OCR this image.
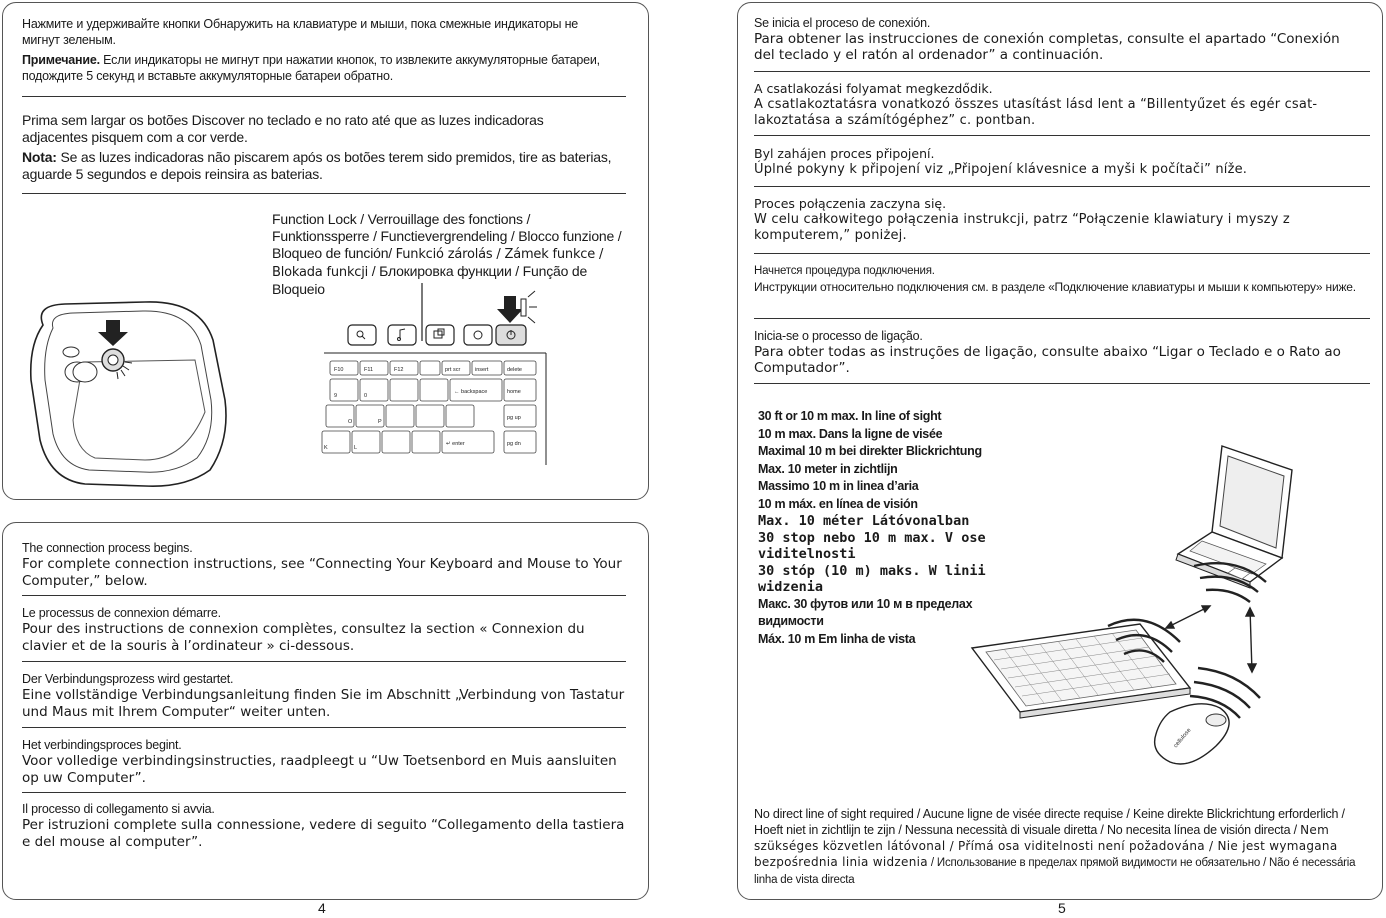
Нажмите и удерживайте кнопки Обнаружить на клавиатуре и мыши, пока смежные индикаторы не мигнут зеленым.
Примечание. Если индикаторы не мигнут при нажатии кнопок, то извлеките аккумуляторные батареи, подождите 5 секунд и вставьте аккумуляторные батареи обратно.
Prima sem largar os botões Discover no teclado e no rato até que as luzes indicadoras adjacentes pisquem com a cor verde.
Nota: Se as luzes indicadoras não piscarem após os botões terem sido premidos, tire as baterias, aguarde 5 segundos e depois reinsira as baterias.
Function Lock / Verrouillage des fonctions / Funktionssperre / Functievergrendeling / Blocco funzione / Bloqueo de función/ Funkció zárolás / Zámek funkce / Blokada funkcji / Блокировка функции / Função de Bloqueio
F10	F11	F12	prt scr	insert	delete
9	0
← backspace	home
O	P
pg up
K	L
↵ enter	pg dn
The connection process begins.
For complete connection instructions, see “Connecting Your Keyboard and Mouse to Your Computer,” below.
Le processus de connexion démarre.
Pour des instructions de connexion complètes, consultez la section « Connexion du clavier et de la souris à l’ordinateur » ci-dessous.
Der Verbindungsprozess wird gestartet.
Eine vollständige Verbindungsanleitung finden Sie im Abschnitt „Verbindung von Tastatur und Maus mit Ihrem Computer“ weiter unten.
Het verbindingsproces begint.
Voor volledige verbindingsinstructies, raadpleegt u “Uw Toetsenbord en Muis aansluiten op uw Computer”.
Il processo di collegamento si avvia.
Per istruzioni complete sulla connessione, vedere di seguito “Collegamento della tastiera e del mouse al computer”.
4
Se inicia el proceso de conexión.
Para obtener las instrucciones de conexión completas, consulte el apartado “Conexión del teclado y el ratón al ordenador” a continuación.
A csatlakozási folyamat megkezdődik.
A csatlakoztatásra vonatkozó összes utasítást lásd lent a “Billentyűzet és egér csat-lakoztatása a számítógéphez” c. pontban.
Byl zahájen proces připojení.
Úplné pokyny k připojení viz „Připojení klávesnice a myši k počítači” níže.
Proces połączenia zaczyna się.
W celu całkowitego połączenia instrukcji, patrz “Połączenie klawiatury i myszy z komputerem,” poniżej.
Начнется процедура подключения.
Инструкции относительно подключения см. в разделе «Подключение клавиатуры и мыши к компьютеру» ниже.
Inicia-se o processo de ligação.
Para obter todas as instruções de ligação, consulte abaixo “Ligar o Teclado e o Rato ao Computador”.
30 ft or 10 m max. In line of sight
10 m max. Dans la ligne de visée
Maximal 10 m bei direkter Blickrichtung
Max. 10 meter in zichtlijn
Massimo 10 m in linea d’aria
10 m máx. en línea de visión
Max. 10 méter Látóvonalban
30 stop nebo 10 m max. V ose viditelnosti
30 stóp (10 m) maks. W linii widzenia
Макс. 30 футов или 10 м в пределах видимости
Máx. 10 m Em linha de vista
cellulose
No direct line of sight required / Aucune ligne de visée directe requise / Keine direkte Blickrichtung erforderlich / Hoeft niet in zichtlijn te zijn / Nessuna necessità di visuale diretta / No necesita línea de visión directa / Nem szükséges közvetlen látóvonal / Přímá osa viditelnosti není požadována / Nie jest wymagana bezpośrednia linia widzenia / Использование в пределах прямой видимости не обязательно / Não é necessária linha de vista directa
5
